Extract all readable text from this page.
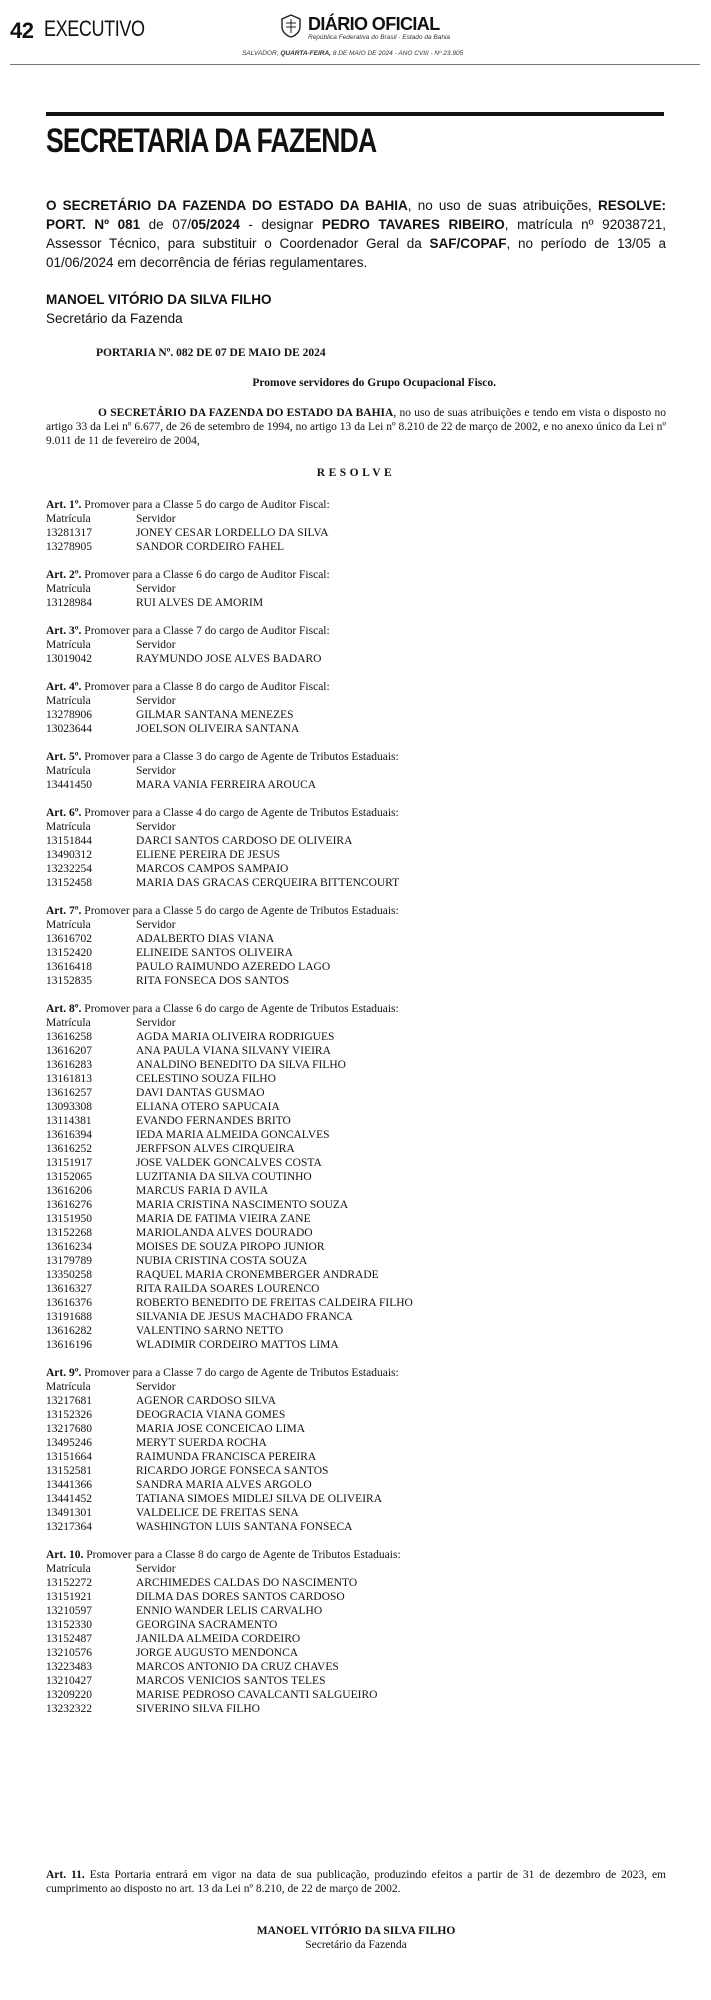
42 EXECUTIVO	DIÁRIO OFICIAL
República Federativa do Brasil · Estado da Bahia
SALVADOR, QUARTA-FEIRA, 8 DE MAIO DE 2024 - ANO CVIII - Nº 23.905
SECRETARIA DA FAZENDA
O SECRETÁRIO DA FAZENDA DO ESTADO DA BAHIA, no uso de suas atribuições, RESOLVE: PORT. Nº 081 de 07/05/2024 - designar PEDRO TAVARES RIBEIRO, matrícula nº 92038721, Assessor Técnico, para substituir o Coordenador Geral da SAF/COPAF, no período de 13/05 a 01/06/2024 em decorrência de férias regulamentares.
MANOEL VITÓRIO DA SILVA FILHO
Secretário da Fazenda
PORTARIA Nº. 082 DE 07 DE MAIO DE 2024
Promove servidores do Grupo Ocupacional Fisco.
O SECRETÁRIO DA FAZENDA DO ESTADO DA BAHIA, no uso de suas atribuições e tendo em vista o disposto no artigo 33 da Lei nº 6.677, de 26 de setembro de 1994, no artigo 13 da Lei nº 8.210 de 22 de março de 2002, e no anexo único da Lei nº 9.011 de 11 de fevereiro de 2004,
RESOLVE
Art. 1º. Promover para a Classe 5 do cargo de Auditor Fiscal:
Matrícula	Servidor
13281317	JONEY CESAR LORDELLO DA SILVA
13278905	SANDOR CORDEIRO FAHEL
Art. 2º. Promover para a Classe 6 do cargo de Auditor Fiscal:
Matrícula	Servidor
13128984	RUI ALVES DE AMORIM
Art. 3º. Promover para a Classe 7 do cargo de Auditor Fiscal:
Matrícula	Servidor
13019042	RAYMUNDO JOSE ALVES BADARO
Art. 4º. Promover para a Classe 8 do cargo de Auditor Fiscal:
Matrícula	Servidor
13278906	GILMAR SANTANA MENEZES
13023644	JOELSON OLIVEIRA SANTANA
Art. 5º. Promover para a Classe 3 do cargo de Agente de Tributos Estaduais:
Matrícula	Servidor
13441450	MARA VANIA FERREIRA AROUCA
Art. 6º. Promover para a Classe 4 do cargo de Agente de Tributos Estaduais:
Matrícula	Servidor
13151844	DARCI SANTOS CARDOSO DE OLIVEIRA
13490312	ELIENE PEREIRA DE JESUS
13232254	MARCOS CAMPOS SAMPAIO
13152458	MARIA DAS GRACAS CERQUEIRA BITTENCOURT
Art. 7º. Promover para a Classe 5 do cargo de Agente de Tributos Estaduais:
Matrícula	Servidor
13616702	ADALBERTO DIAS VIANA
13152420	ELINEIDE SANTOS OLIVEIRA
13616418	PAULO RAIMUNDO AZEREDO LAGO
13152835	RITA FONSECA DOS SANTOS
Art. 8º. Promover para a Classe 6 do cargo de Agente de Tributos Estaduais:
Matrícula	Servidor
13616258	AGDA MARIA OLIVEIRA RODRIGUES
13616207	ANA PAULA VIANA SILVANY VIEIRA
13616283	ANALDINO BENEDITO DA SILVA FILHO
13161813	CELESTINO SOUZA FILHO
13616257	DAVI DANTAS GUSMAO
13093308	ELIANA OTERO SAPUCAIA
13114381	EVANDO FERNANDES BRITO
13616394	IEDA MARIA ALMEIDA GONCALVES
13616252	JERFFSON ALVES CIRQUEIRA
13151917	JOSE VALDEK GONCALVES COSTA
13152065	LUZITANIA DA SILVA COUTINHO
13616206	MARCUS FARIA D AVILA
13616276	MARIA CRISTINA NASCIMENTO SOUZA
13151950	MARIA DE FATIMA VIEIRA ZANE
13152268	MARIOLANDA ALVES DOURADO
13616234	MOISES DE SOUZA PIROPO JUNIOR
13179789	NUBIA CRISTINA COSTA SOUZA
13350258	RAQUEL MARIA CRONEMBERGER ANDRADE
13616327	RITA RAILDA SOARES LOURENCO
13616376	ROBERTO BENEDITO DE FREITAS CALDEIRA FILHO
13191688	SILVANIA DE JESUS MACHADO FRANCA
13616282	VALENTINO SARNO NETTO
13616196	WLADIMIR CORDEIRO MATTOS LIMA
Art. 9º. Promover para a Classe 7 do cargo de Agente de Tributos Estaduais:
Matrícula	Servidor
13217681	AGENOR CARDOSO SILVA
13152326	DEOGRACIA VIANA GOMES
13217680	MARIA JOSE CONCEICAO LIMA
13495246	MERYT SUERDA ROCHA
13151664	RAIMUNDA FRANCISCA PEREIRA
13152581	RICARDO JORGE FONSECA SANTOS
13441366	SANDRA MARIA ALVES ARGOLO
13441452	TATIANA SIMOES MIDLEJ SILVA DE OLIVEIRA
13491301	VALDELICE DE FREITAS SENA
13217364	WASHINGTON LUIS SANTANA FONSECA
Art. 10. Promover para a Classe 8 do cargo de Agente de Tributos Estaduais:
Matrícula	Servidor
13152272	ARCHIMEDES CALDAS DO NASCIMENTO
13151921	DILMA DAS DORES SANTOS CARDOSO
13210597	ENNIO WANDER LELIS CARVALHO
13152330	GEORGINA SACRAMENTO
13152487	JANILDA ALMEIDA CORDEIRO
13210576	JORGE AUGUSTO MENDONCA
13223483	MARCOS ANTONIO DA CRUZ CHAVES
13210427	MARCOS VENICIOS SANTOS TELES
13209220	MARISE PEDROSO CAVALCANTI SALGUEIRO
13232322	SIVERINO SILVA FILHO
Art. 11. Esta Portaria entrará em vigor na data de sua publicação, produzindo efeitos a partir de 31 de dezembro de 2023, em cumprimento ao disposto no art. 13 da Lei nº 8.210, de 22 de março de 2002.
MANOEL VITÓRIO DA SILVA FILHO
Secretário da Fazenda
